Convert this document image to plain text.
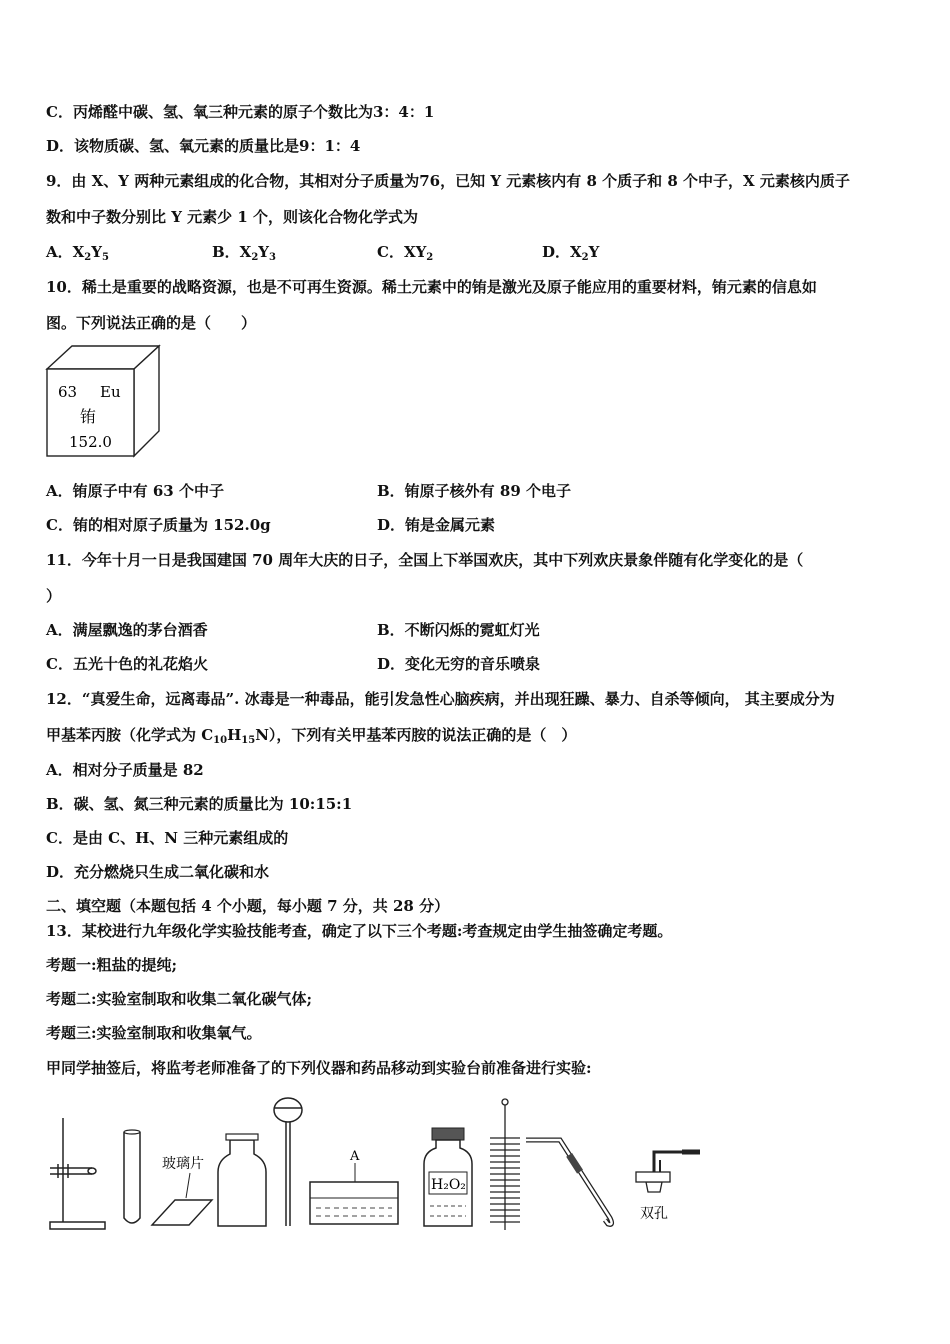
C．丙烯醛中碳、氢、氧三种元素的原子个数比为3：4：1
D．该物质碳、氢、氧元素的质量比是9：1：4
9．由 X、Y 两种元素组成的化合物，其相对分子质量为76，已知 Y 元素核内有 8 个质子和 8 个中子，X 元素核内质子
数和中子数分别比 Y 元素少 1 个，则该化合物化学式为
A．$X_2Y_5$	B．$X_2Y_3$	C．$XY_2$	D．$X_2Y$
10．稀土是重要的战略资源，也是不可再生资源。稀土元素中的铕是激光及原子能应用的重要材料，铕元素的信息如
图。下列说法正确的是（　　）
63 Eu
铕
152.0
A．铕原子中有 63 个中子	B．铕原子核外有 89 个电子
C．铕的相对原子质量为 152.0g	D．铕是金属元素
11．今年十月一日是我国建国 70 周年大庆的日子，全国上下举国欢庆，其中下列欢庆景象伴随有化学变化的是（
）
A．满屋飘逸的茅台酒香	B．不断闪烁的霓虹灯光
C．五光十色的礼花焰火	D．变化无穷的音乐喷泉
12．“真爱生命，远离毒品”. 冰毒是一种毒品，能引发急性心脑疾病，并出现狂躁、暴力、自杀等倾向， 其主要成分为
甲基苯丙胺（化学式为 $C_{10}H_{15}N$），下列有关甲基苯丙胺的说法正确的是（　）
A．相对分子质量是 82
B．碳、氢、氮三种元素的质量比为 10:15:1
C．是由 C、H、N 三种元素组成的
D．充分燃烧只生成二氧化碳和水
二、填空题（本题包括 4 个小题，每小题 7 分，共 28 分）
13．某校进行九年级化学实验技能考查，确定了以下三个考题:考查规定由学生抽签确定考题。
考题一:粗盐的提纯;
考题二:实验室制取和收集二氧化碳气体;
考题三:实验室制取和收集氧气。
甲同学抽签后，将监考老师准备了的下列仪器和药品移动到实验台前准备进行实验:
玻璃片	A
H₂O₂
双孔
